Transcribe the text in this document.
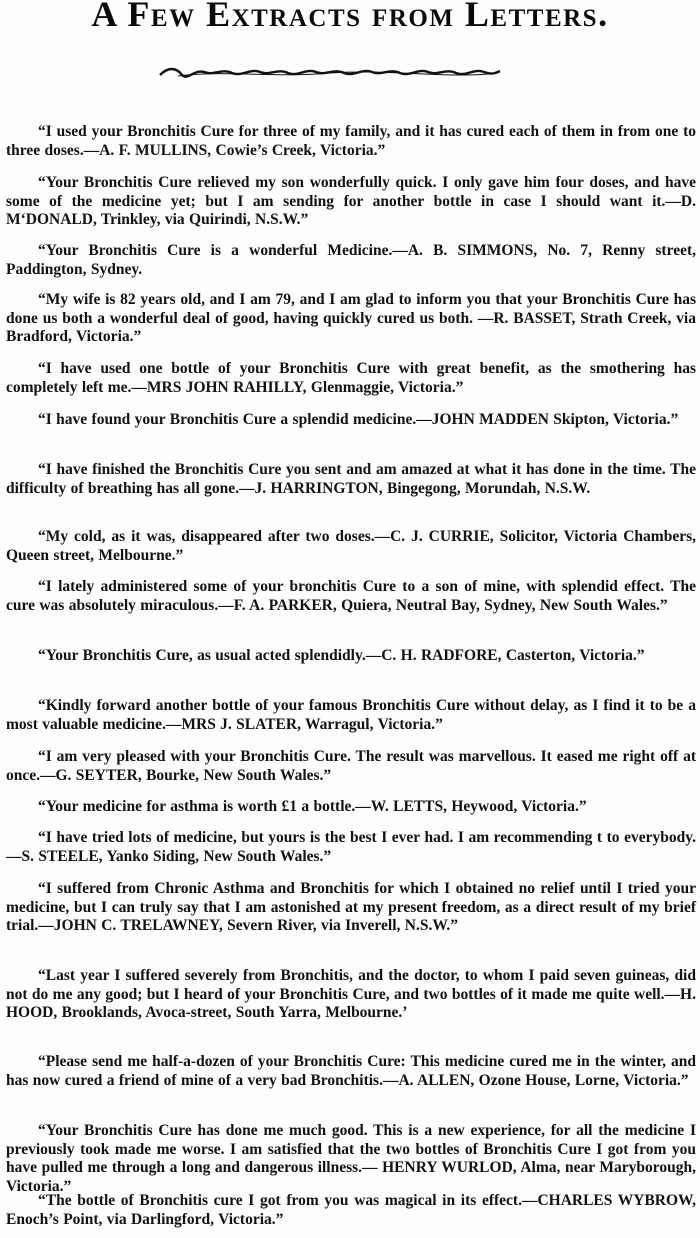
A Few Extracts from Letters.

“I used your Bronchitis Cure for three of my family, and it has cured each of them in from one to three doses.—A. F. MULLINS, Cowie’s Creek, Victoria.”

“Your Bronchitis Cure relieved my son wonderfully quick. I only gave him four doses, and have some of the medicine yet; but I am sending for another bottle in case I should want it.—D. M‘DONALD, Trinkley, via Quirindi, N.S.W.”

“Your Bronchitis Cure is a wonderful Medicine.—A. B. SIMMONS, No. 7, Renny street, Paddington, Sydney.

“My wife is 82 years old, and I am 79, and I am glad to inform you that your Bronchitis Cure has done us both a wonderful deal of good, having quickly cured us both. —R. BASSET, Strath Creek, via Bradford, Victoria.”

“I have used one bottle of your Bronchitis Cure with great benefit, as the smothering has completely left me.—MRS JOHN RAHILLY, Glenmaggie, Victoria.”

“I have found your Bronchitis Cure a splendid medicine.—JOHN MADDEN Skipton, Victoria.”

“I have finished the Bronchitis Cure you sent and am amazed at what it has done in the time. The difficulty of breathing has all gone.—J. HARRINGTON, Bingegong, Morundah, N.S.W.

“My cold, as it was, disappeared after two doses.—C. J. CURRIE, Solicitor, Victoria Chambers, Queen street, Melbourne.”

“I lately administered some of your bronchitis Cure to a son of mine, with splendid effect. The cure was absolutely miraculous.—F. A. PARKER, Quiera, Neutral Bay, Sydney, New South Wales.”

“Your Bronchitis Cure, as usual acted splendidly.—C. H. RADFORE, Casterton, Victoria.”

“Kindly forward another bottle of your famous Bronchitis Cure without delay, as I find it to be a most valuable medicine.—MRS J. SLATER, Warragul, Victoria.”

“I am very pleased with your Bronchitis Cure. The result was marvellous. It eased me right off at once.—G. SEYTER, Bourke, New South Wales.”

“Your medicine for asthma is worth £1 a bottle.—W. LETTS, Heywood, Victoria.”

“I have tried lots of medicine, but yours is the best I ever had. I am recommending t to everybody.—S. STEELE, Yanko Siding, New South Wales.”

“I suffered from Chronic Asthma and Bronchitis for which I obtained no relief until I tried your medicine, but I can truly say that I am astonished at my present freedom, as a direct result of my brief trial.—JOHN C. TRELAWNEY, Severn River, via Inverell, N.S.W.”

“Last year I suffered severely from Bronchitis, and the doctor, to whom I paid seven guineas, did not do me any good; but I heard of your Bronchitis Cure, and two bottles of it made me quite well.—H. HOOD, Brooklands, Avoca-street, South Yarra, Melbourne.’

“Please send me half-a-dozen of your Bronchitis Cure: This medicine cured me in the winter, and has now cured a friend of mine of a very bad Bronchitis.—A. ALLEN, Ozone House, Lorne, Victoria.”

“Your Bronchitis Cure has done me much good. This is a new experience, for all the medicine I previously took made me worse. I am satisfied that the two bottles of Bronchitis Cure I got from you have pulled me through a long and dangerous illness.— HENRY WURLOD, Alma, near Maryborough, Victoria.”

“The bottle of Bronchitis cure I got from you was magical in its effect.—CHARLES WYBROW, Enoch’s Point, via Darlingford, Victoria.”
